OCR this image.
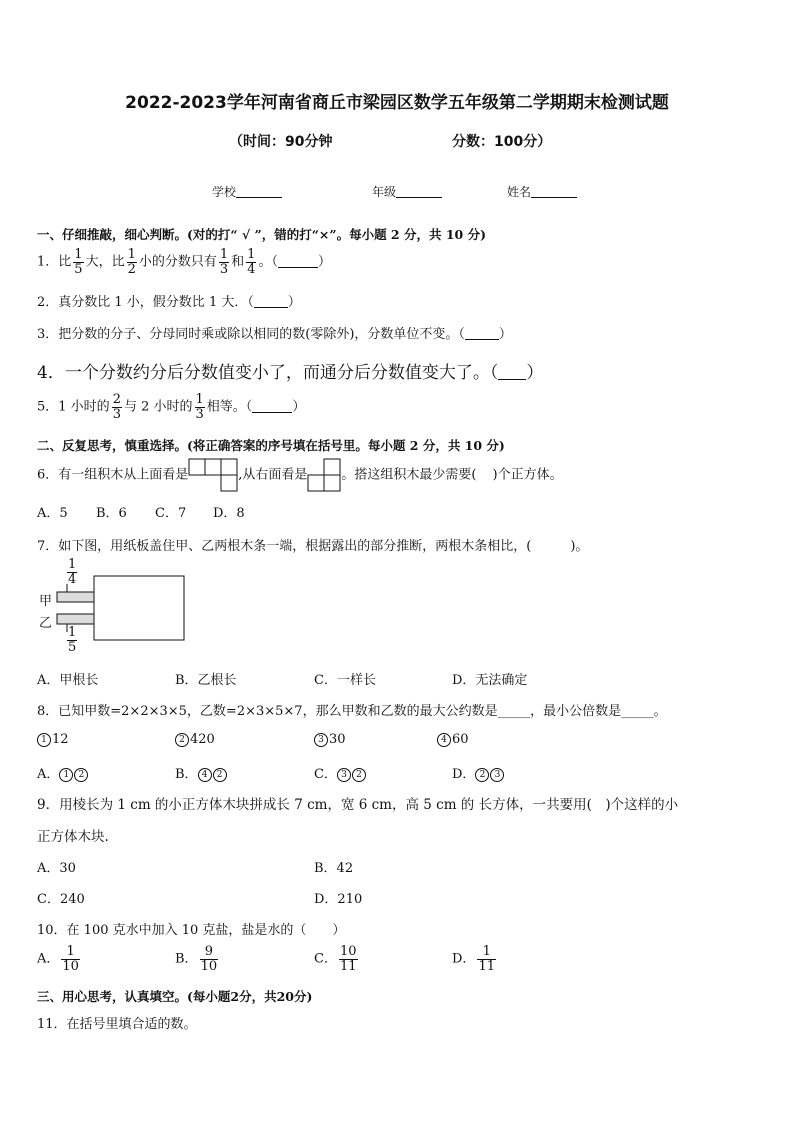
2022-2023学年河南省商丘市梁园区数学五年级第二学期期末检测试题
（时间：90分钟	分数：100分）
学校	年级	姓名
一、仔细推敲，细心判断。(对的打“ √ ”，错的打“×”。每小题 2 分，共 10 分)
1．比 $\frac{1}{5}$ 大，比 $\frac{1}{2}$ 小的分数只有 $\frac{1}{3}$ 和 $\frac{1}{4}$ 。（	）
2．真分数比 1 小，假分数比 1 大．（	）
3．把分数的分子、分母同时乘或除以相同的数(零除外)，分数单位不变。（	）
4．一个分数约分后分数值变小了，而通分后分数值变大了。（ ）
5．1 小时的 $\frac{2}{3}$ 与 2 小时的 $\frac{1}{3}$ 相等。（	）
二、反复思考，慎重选择。(将正确答案的序号填在括号里。每小题 2 分，共 10 分)
6．有一组积木从上面看是	,从右面看是	。搭这组积木最少需要( )个正方体。
A．5 B．6 C．7 D．8
7．如下图，用纸板盖住甲、乙两根木条一端，根据露出的部分推断，两根木条相比，(　　　)。
$\frac{1}{4}$
甲
乙
$\frac{1}{5}$
A．甲根长	B．乙根长	C．一样长	D．无法确定
8．已知甲数=2×2×3×5，乙数=2×3×5×7，那么甲数和乙数的最大公约数是_____，最小公倍数是_____。
1 12	2 420	3 30	4 60
A． 1 2	B． 4 2	C． 3 2	D． 2 3
9．用棱长为 1 cm 的小正方体木块拼成长 7 cm，宽 6 cm，高 5 cm 的 长方体，一共要用(　)个这样的小
正方体木块.
A．30	B．42
C．240	D．210
10．在 100 克水中加入 10 克盐，盐是水的（　　）
A． $\frac{1}{10}$	B． $\frac{9}{10}$	C． $\frac{10}{11}$	D． $\frac{1}{11}$
三、用心思考，认真填空。(每小题2分，共20分)
11．在括号里填合适的数。
